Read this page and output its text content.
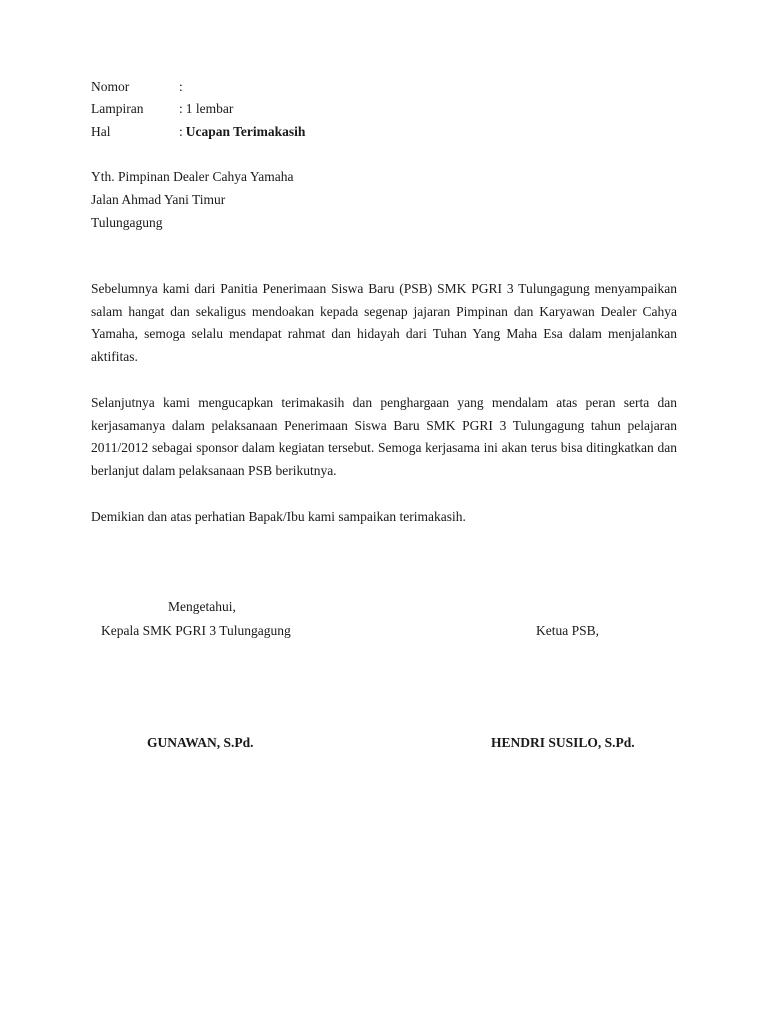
Nomor	:
Lampiran	: 1 lembar
Hal	: Ucapan Terimakasih
Yth. Pimpinan Dealer Cahya Yamaha
Jalan Ahmad Yani Timur
Tulungagung

Sebelumnya kami dari Panitia Penerimaan Siswa Baru (PSB) SMK PGRI 3 Tulungagung menyampaikan salam hangat dan sekaligus mendoakan kepada segenap jajaran Pimpinan dan Karyawan Dealer Cahya Yamaha, semoga selalu mendapat rahmat dan hidayah dari Tuhan Yang Maha Esa dalam menjalankan aktifitas.

Selanjutnya kami mengucapkan terimakasih dan penghargaan yang mendalam atas peran serta dan kerjasamanya dalam pelaksanaan Penerimaan Siswa Baru SMK PGRI 3 Tulungagung tahun pelajaran 2011/2012 sebagai sponsor dalam kegiatan tersebut. Semoga kerjasama ini akan terus bisa ditingkatkan dan berlanjut dalam pelaksanaan PSB berikutnya.

Demikian dan atas perhatian Bapak/Ibu kami sampaikan terimakasih.

Mengetahui,
Kepala SMK PGRI 3 Tulungagung	Ketua PSB,
GUNAWAN, S.Pd.	HENDRI SUSILO, S.Pd.
